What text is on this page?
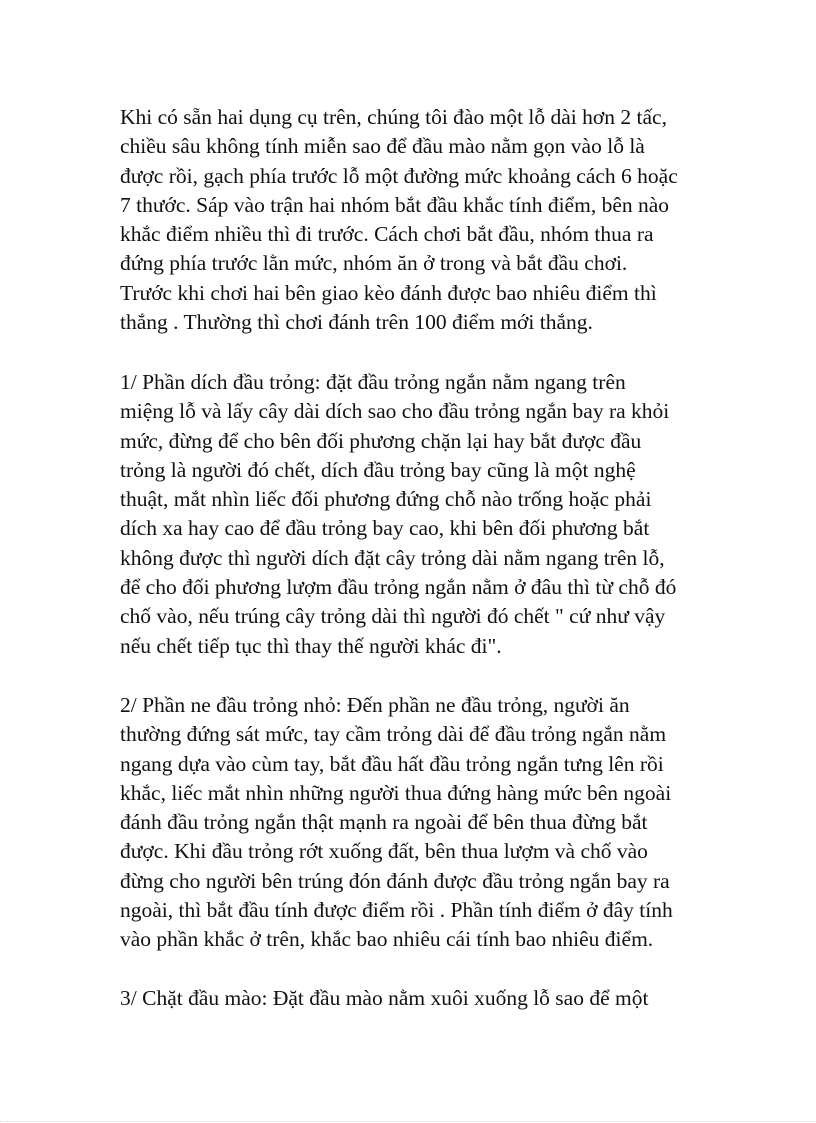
Khi có sẵn hai dụng cụ trên, chúng tôi đào một lỗ dài hơn 2 tấc,
chiều sâu không tính miễn sao để đầu mào nằm gọn vào lỗ là
được rồi, gạch phía trước lỗ một đường mức khoảng cách 6 hoặc
7 thước. Sáp vào trận hai nhóm bắt đầu khắc tính điểm, bên nào
khắc điểm nhiều thì đi trước. Cách chơi bắt đầu, nhóm thua ra
đứng phía trước lằn mức, nhóm ăn ở trong và bắt đầu chơi.
Trước khi chơi hai bên giao kèo đánh được bao nhiêu điểm thì
thắng . Thường thì chơi đánh trên 100 điểm mới thắng.
1/ Phần dích đầu trỏng: đặt đầu trỏng ngắn nằm ngang trên
miệng lỗ và lấy cây dài dích sao cho đầu trỏng ngắn bay ra khỏi
mức, đừng để cho bên đối phương chặn lại hay bắt được đầu
trỏng là người đó chết, dích đầu trỏng bay cũng là một nghệ
thuật, mắt nhìn liếc đối phương đứng chỗ nào trống hoặc phải
dích xa hay cao để đầu trỏng bay cao, khi bên đối phương bắt
không được thì người dích đặt cây trỏng dài nằm ngang trên lỗ,
để cho đối phương lượm đầu trỏng ngắn nằm ở đâu thì từ chỗ đó
chố vào, nếu trúng cây trỏng dài thì người đó chết " cứ như vậy
nếu chết tiếp tục thì thay thế người khác đi".
2/ Phần ne đầu trỏng nhỏ: Đến phần ne đầu trỏng, người ăn
thường đứng sát mức, tay cầm trỏng dài để đầu trỏng ngắn nằm
ngang dựa vào cùm tay, bắt đầu hất đầu trỏng ngắn tưng lên rồi
khắc, liếc mắt nhìn những người thua đứng hàng mức bên ngoài
đánh đầu trỏng ngắn thật mạnh ra ngoài để bên thua đừng bắt
được. Khi đầu trỏng rớt xuống đất, bên thua lượm và chố vào
đừng cho người bên trúng đón đánh được đầu trỏng ngắn bay ra
ngoài, thì bắt đầu tính được điểm rồi . Phần tính điểm ở đây tính
vào phần khắc ở trên, khắc bao nhiêu cái tính bao nhiêu điểm.
3/ Chặt đầu mào: Đặt đầu mào nằm xuôi xuống lỗ sao để một
